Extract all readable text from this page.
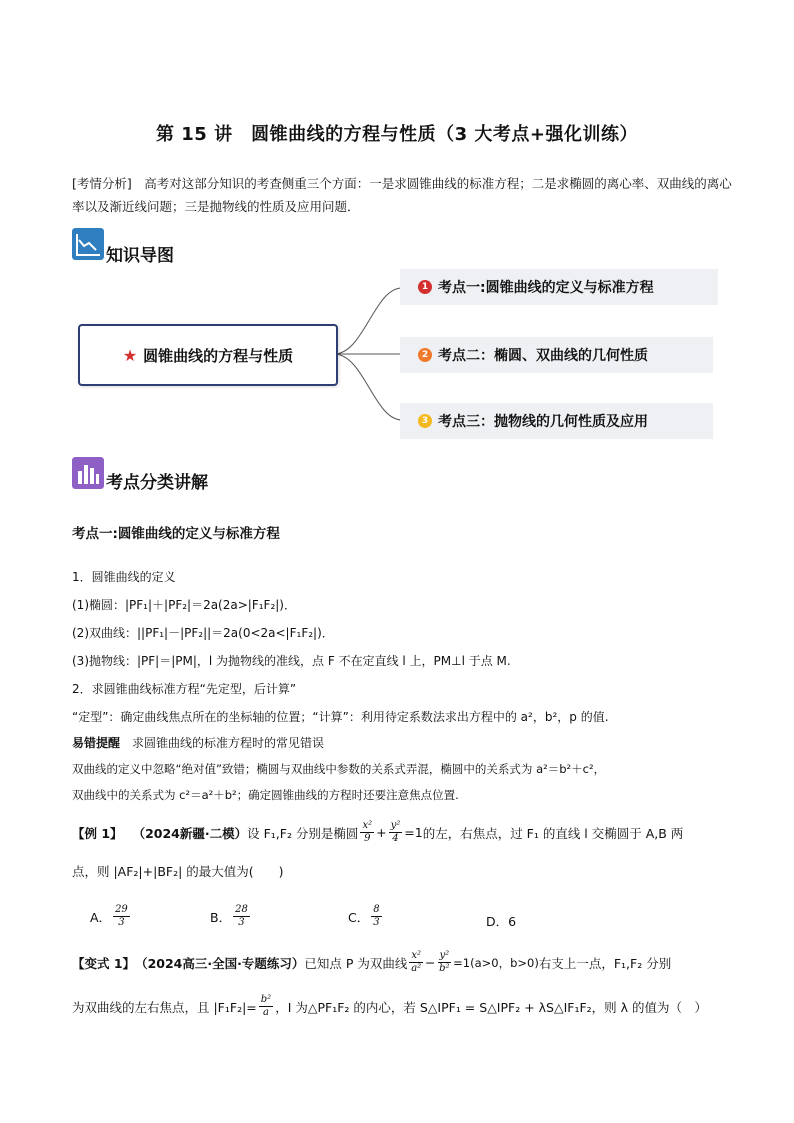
第 15 讲　圆锥曲线的方程与性质（3 大考点+强化训练）
[考情分析]　高考对这部分知识的考查侧重三个方面：一是求圆锥曲线的标准方程；二是求椭圆的离心率、双曲线的离心率以及渐近线问题；三是抛物线的性质及应用问题．
知识导图
★ 圆锥曲线的方程与性质
1 考点一:圆锥曲线的定义与标准方程
2 考点二：椭圆、双曲线的几何性质
3 考点三：抛物线的几何性质及应用
考点分类讲解
考点一:圆锥曲线的定义与标准方程
1．圆锥曲线的定义
(1)椭圆：|PF₁|＋|PF₂|＝2a(2a>|F₁F₂|)．
(2)双曲线：||PF₁|－|PF₂||＝2a(0<2a<|F₁F₂|)．
(3)抛物线：|PF|＝|PM|，l 为抛物线的准线，点 F 不在定直线 l 上，PM⊥l 于点 M.
2．求圆锥曲线标准方程“先定型，后计算”
“定型”：确定曲线焦点所在的坐标轴的位置；“计算”：利用待定系数法求出方程中的 a²，b²，p 的值.
易错提醒　求圆锥曲线的标准方程时的常见错误
双曲线的定义中忽略“绝对值”致错；椭圆与双曲线中参数的关系式弄混，椭圆中的关系式为 a²＝b²＋c²，
双曲线中的关系式为 c²＝a²＋b²；确定圆锥曲线的方程时还要注意焦点位置.
【例 1】 （2024新疆·二模） 设 F₁,F₂ 分别是椭圆 $\frac{\text{x²}}{9} + \frac{\text{y²}}{4} =1$ 的左，右焦点，过 F₁ 的直线 l 交椭圆于 A,B 两
点，则 |AF₂|+|BF₂| 的最大值为(　　)
A． $\frac{29}{3}$	B． $\frac{28}{3}$	C． $\frac{8}{3}$	D． 6
【变式 1】 （2024高三·全国·专题练习） 已知点 P 为双曲线 $\frac{\text{x²}}{\text{a²}} - \frac{\text{y²}}{\text{b²}} =1(a>0$，b>0) 右支上一点，F₁,F₂ 分别
为双曲线的左右焦点，且 $|F_1F_2|= \frac{\text{b²}}{a}$ ，I 为△PF₁F₂ 的内心，若 S△IPF₁ = S△IPF₂ + λS△IF₁F₂，则 λ 的值为（　）
